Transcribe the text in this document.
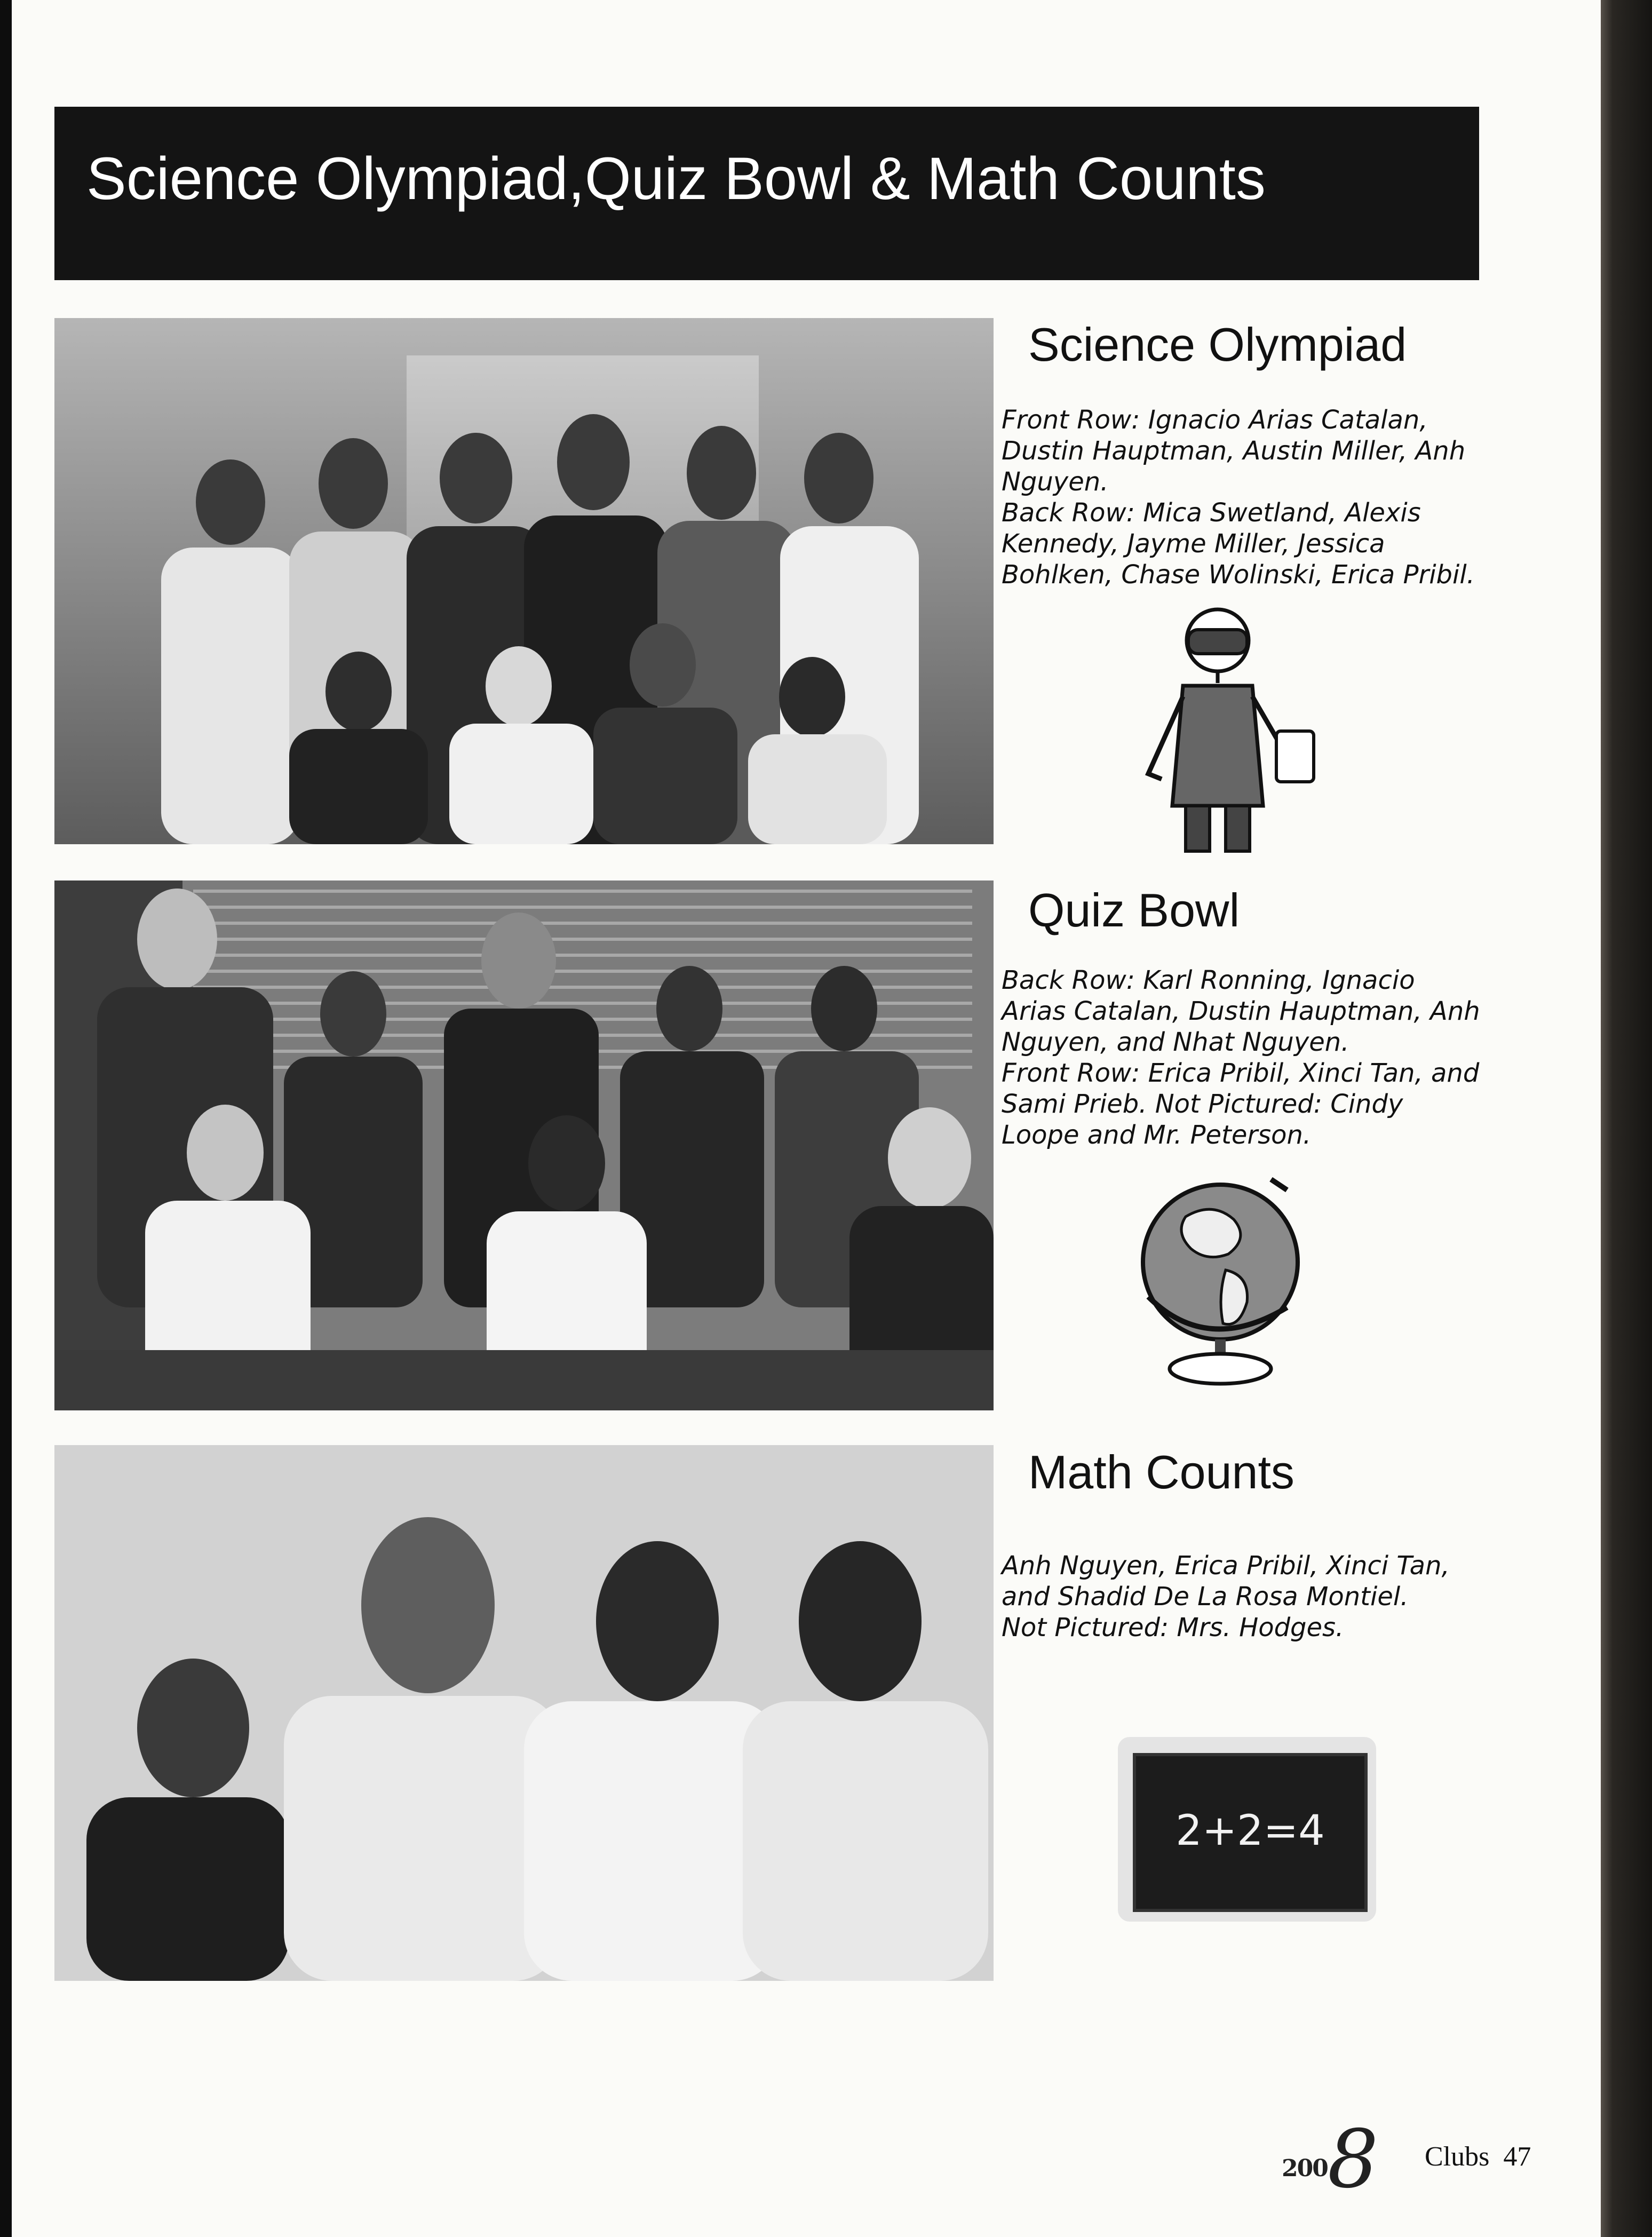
Science Olympiad,Quiz Bowl & Math Counts
Science Olympiad

Front Row: Ignacio Arias Catalan, Dustin Hauptman, Austin Miller, Anh Nguyen.

Back Row: Mica Swetland, Alexis Kennedy, Jayme Miller, Jessica Bohlken, Chase Wolinski, Erica Pribil.

Quiz Bowl

Back Row: Karl Ronning, Ignacio Arias Catalan, Dustin Hauptman, Anh Nguyen, and Nhat Nguyen.

Front Row: Erica Pribil, Xinci Tan, and Sami Prieb. Not Pictured: Cindy Loope and Mr. Peterson.

Math Counts

Anh Nguyen, Erica Pribil, Xinci Tan, and Shadid De La Rosa Montiel.

Not Pictured: Mrs. Hodges.

2+2=4
2008 Clubs  47
